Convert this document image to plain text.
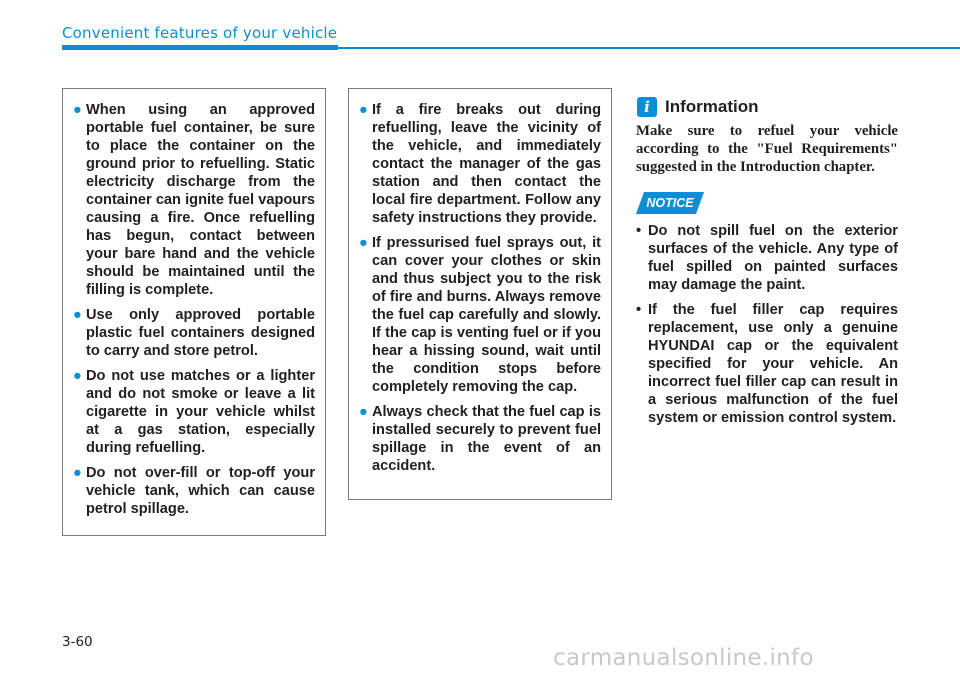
Convenient features of your vehicle
● When using an approved portable fuel container, be sure to place the container on the ground prior to refuelling. Static electricity discharge from the container can ignite fuel vapours causing a fire. Once refuelling has begun, contact between your bare hand and the vehicle should be maintained until the filling is complete.
● Use only approved portable plastic fuel containers designed to carry and store petrol.
● Do not use matches or a lighter and do not smoke or leave a lit cigarette in your vehicle whilst at a gas station, especially during refuelling.
● Do not over-fill or top-off your vehicle tank, which can cause petrol spillage.
● If a fire breaks out during refuelling, leave the vicinity of the vehicle, and immediately contact the manager of the gas station and then contact the local fire department. Follow any safety instructions they provide.
● If pressurised fuel sprays out, it can cover your clothes or skin and thus subject you to the risk of fire and burns. Always remove the fuel cap carefully and slowly. If the cap is venting fuel or if you hear a hissing sound, wait until the condition stops before completely removing the cap.
● Always check that the fuel cap is installed securely to prevent fuel spillage in the event of an accident.
i Information
Make sure to refuel your vehicle according to the "Fuel Requirements" suggested in the Introduction chapter.
NOTICE
• Do not spill fuel on the exterior surfaces of the vehicle. Any type of fuel spilled on painted surfaces may damage the paint.
• If the fuel filler cap requires replacement, use only a genuine HYUNDAI cap or the equivalent specified for your vehicle. An incorrect fuel filler cap can result in a serious malfunction of the fuel system or emission control system.
3-60
carmanualsonline.info
